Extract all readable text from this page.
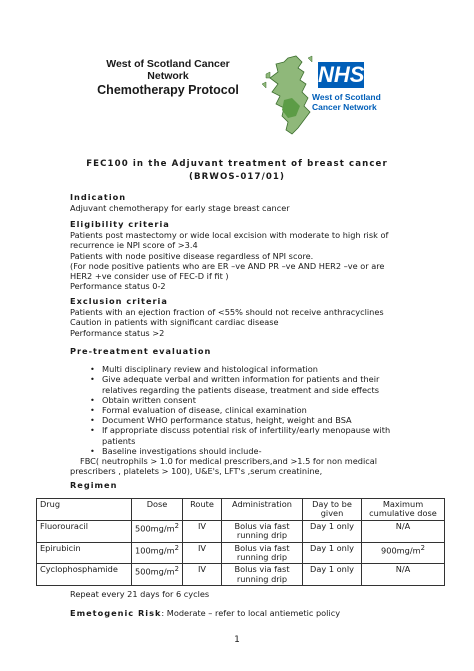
West of Scotland Cancer Network
Chemotherapy Protocol
NHS
West of Scotland
Cancer Network
FEC100 in the Adjuvant treatment of breast cancer
(BRWOS-017/01)
Indication
Adjuvant chemotherapy for early stage breast cancer
Eligibility criteria
Patients post mastectomy or wide local excision with moderate to high risk of
recurrence ie NPI score of >3.4
Patients with node positive disease regardless of NPI score.
(For node positive patients who are ER –ve AND PR –ve AND HER2 –ve or are
HER2 +ve consider use of FEC-D if fit )
Performance status 0-2
Exclusion criteria
Patients with an ejection fraction of <55% should not receive anthracyclines
Caution in patients with significant cardiac disease
Performance status >2
Pre-treatment evaluation
• Multi disciplinary review and histological information
• Give adequate verbal and written information for patients and their
relatives regarding the patients disease, treatment and side effects
• Obtain written consent
• Formal evaluation of disease, clinical examination
• Document WHO performance status, height, weight and BSA
• If appropriate discuss potential risk of infertility/early menopause with
patients
• Baseline investigations should include-
FBC( neutrophils > 1.0 for medical prescribers,and >1.5 for non medical
prescribers , platelets > 100), U&E's, LFT's ,serum creatinine,
Regimen
Drug	Dose	Route	Administration	Day to be given	Maximum cumulative dose
Fluorouracil	$500mg/m^2$	IV	Bolus via fast running drip	Day 1 only	N/A
Epirubicin	$100mg/m^2$	IV	Bolus via fast running drip	Day 1 only	$900mg/m^2$
Cyclophosphamide	$500mg/m^2$	IV	Bolus via fast running drip	Day 1 only	N/A
Repeat every 21 days for 6 cycles
Emetogenic Risk: Moderate – refer to local antiemetic policy
1
